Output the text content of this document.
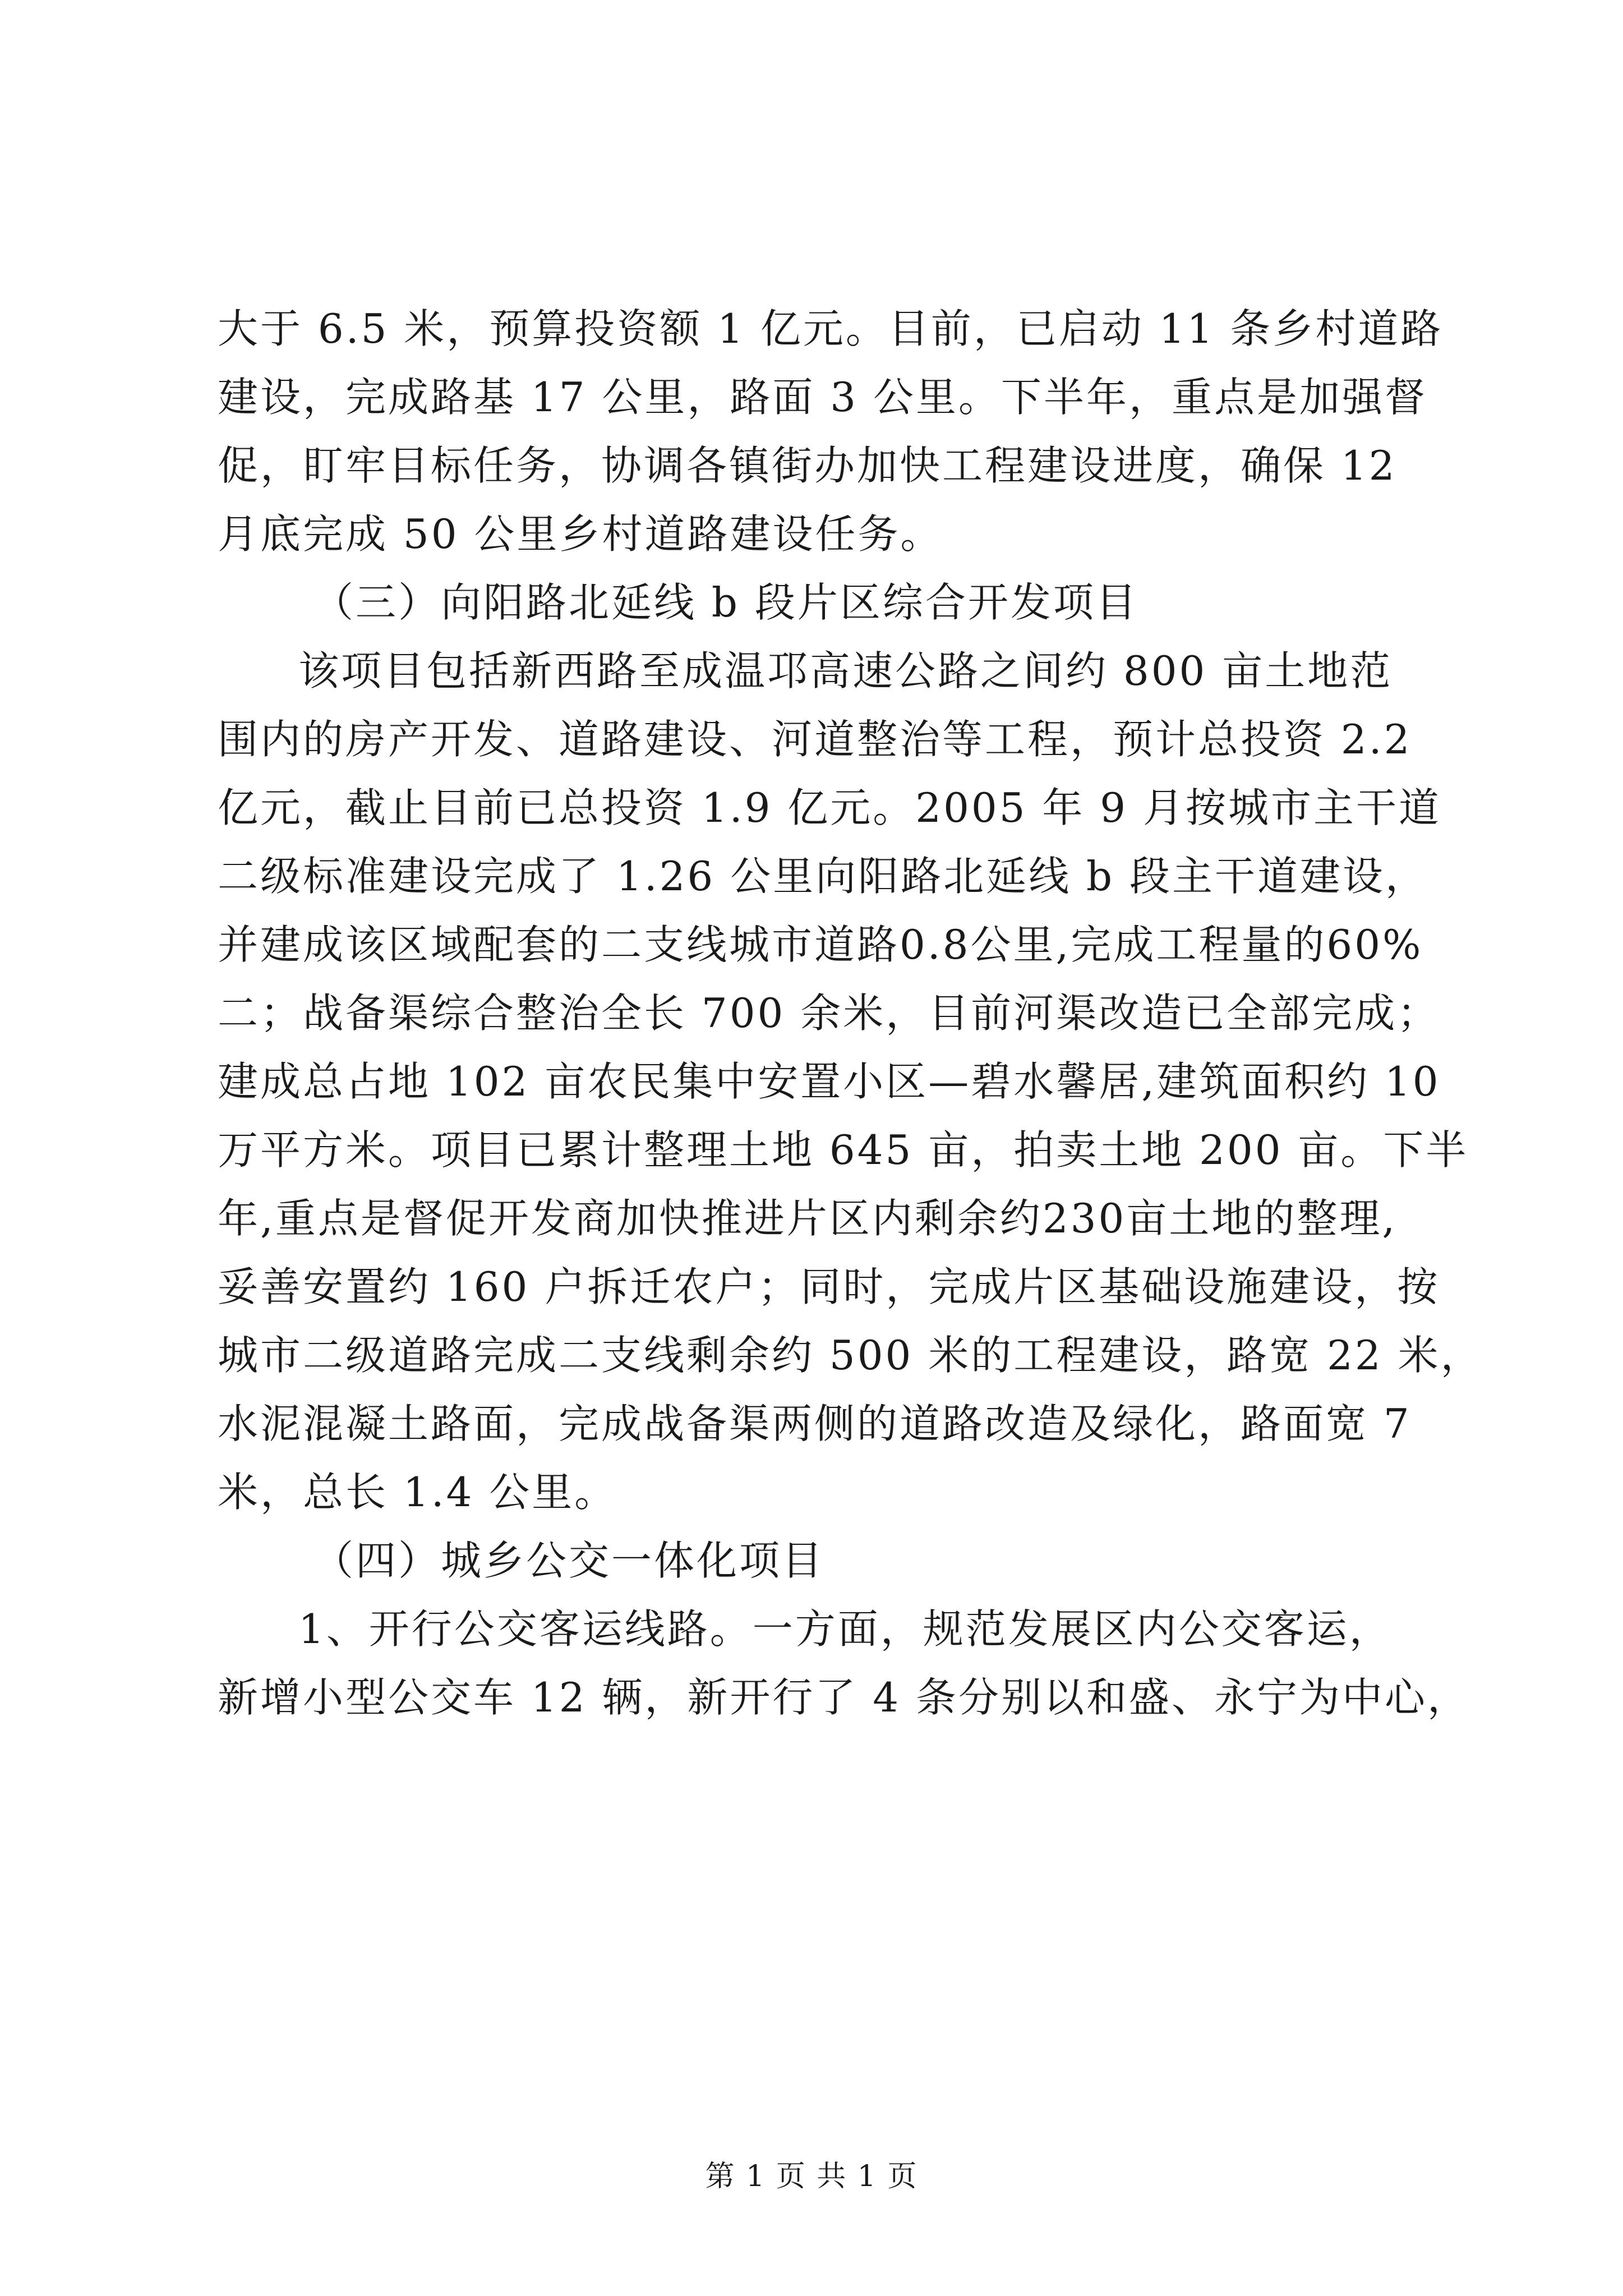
大于 6.5 米，预算投资额 1 亿元。目前，已启动 11 条乡村道路
建设，完成路基 17 公里，路面 3 公里。下半年，重点是加强督
促，盯牢目标任务，协调各镇街办加快工程建设进度，确保 12
月底完成 50 公里乡村道路建设任务。
（三）向阳路北延线 b 段片区综合开发项目
该项目包括新西路至成温邛高速公路之间约 800 亩土地范
围内的房产开发、道路建设、河道整治等工程，预计总投资 2.2
亿元，截止目前已总投资 1.9 亿元。2005 年 9 月按城市主干道
二级标准建设完成了 1.26 公里向阳路北延线 b 段主干道建设，
并建成该区域配套的二支线城市道路0.8公里,完成工程量的60%
二；战备渠综合整治全长 700 余米，目前河渠改造已全部完成；
建成总占地 102 亩农民集中安置小区—碧水馨居,建筑面积约 10
万平方米。项目已累计整理土地 645 亩，拍卖土地 200 亩。下半
年,重点是督促开发商加快推进片区内剩余约230亩土地的整理,
妥善安置约 160 户拆迁农户；同时，完成片区基础设施建设，按
城市二级道路完成二支线剩余约 500 米的工程建设，路宽 22 米，
水泥混凝土路面，完成战备渠两侧的道路改造及绿化，路面宽 7
米，总长 1.4 公里。
（四）城乡公交一体化项目
1、开行公交客运线路。一方面，规范发展区内公交客运，
新增小型公交车 12 辆，新开行了 4 条分别以和盛、永宁为中心，
第 1 页 共 1 页
